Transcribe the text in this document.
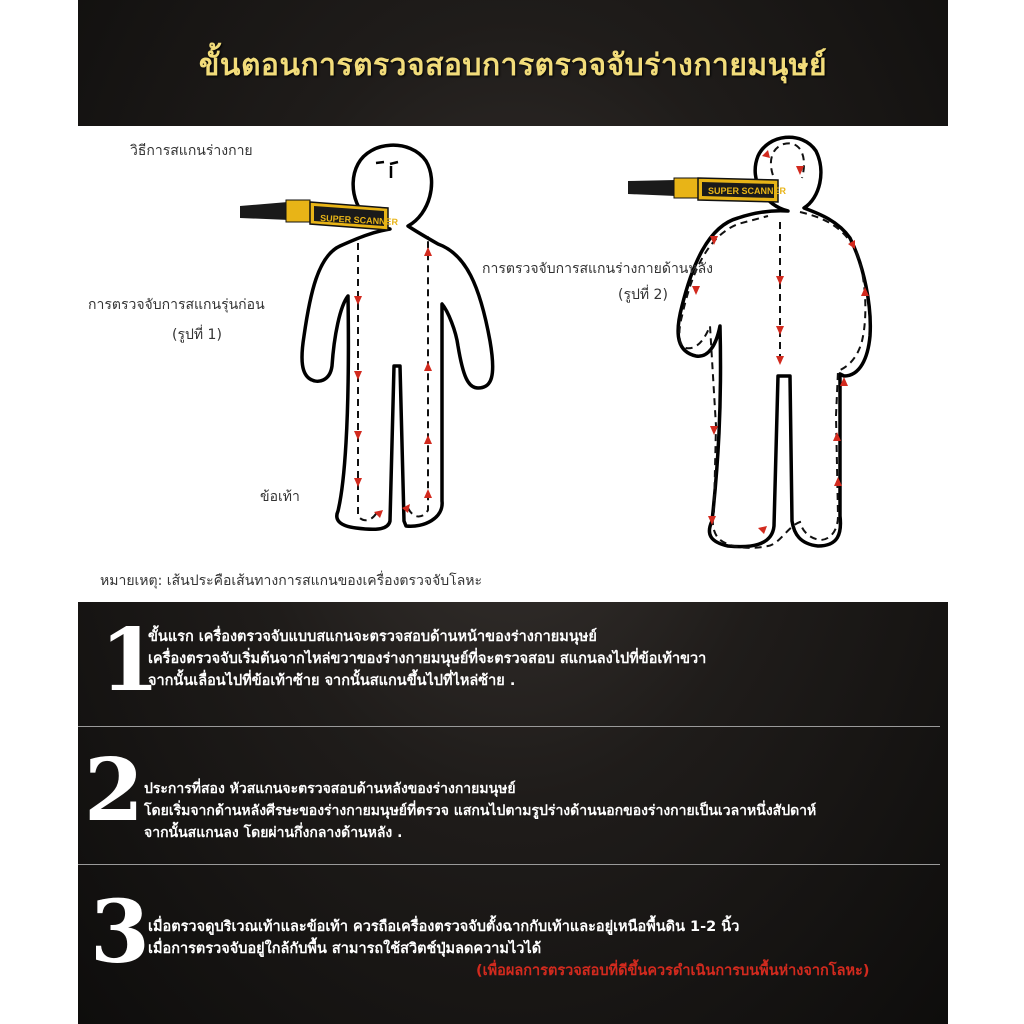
ขั้นตอนการตรวจสอบการตรวจจับร่างกายมนุษย์
SUPER SCANNER
SUPER SCANNER
วิธีการสแกนร่างกาย
การตรวจจับการสแกนรุ่นก่อน
(รูปที่ 1)
การตรวจจับการสแกนร่างกายด้านหลัง
(รูปที่ 2)
ข้อเท้า
หมายเหตุ: เส้นประคือเส้นทางการสแกนของเครื่องตรวจจับโลหะ
1
ขั้นแรก เครื่องตรวจจับแบบสแกนจะตรวจสอบด้านหน้าของร่างกายมนุษย์
เครื่องตรวจจับเริ่มต้นจากไหล่ขวาของร่างกายมนุษย์ที่จะตรวจสอบ สแกนลงไปที่ข้อเท้าขวา
จากนั้นเลื่อนไปที่ข้อเท้าซ้าย จากนั้นสแกนขึ้นไปที่ไหล่ซ้าย .
2 ประการที่สอง หัวสแกนจะตรวจสอบด้านหลังของร่างกายมนุษย์
โดยเริ่มจากด้านหลังศีรษะของร่างกายมนุษย์ที่ตรวจ แสกนไปตามรูปร่างด้านนอกของร่างกายเป็นเวลาหนึ่งสัปดาห์
จากนั้นสแกนลง โดยผ่านกึ่งกลางด้านหลัง .
3
เมื่อตรวจดูบริเวณเท้าและข้อเท้า ควรถือเครื่องตรวจจับตั้งฉากกับเท้าและอยู่เหนือพื้นดิน 1-2 นิ้ว
เมื่อการตรวจจับอยู่ใกล้กับพื้น สามารถใช้สวิตช์ปุ่มลดความไวได้
(เพื่อผลการตรวจสอบที่ดีขึ้นควรดำเนินการบนพื้นห่างจากโลหะ)
